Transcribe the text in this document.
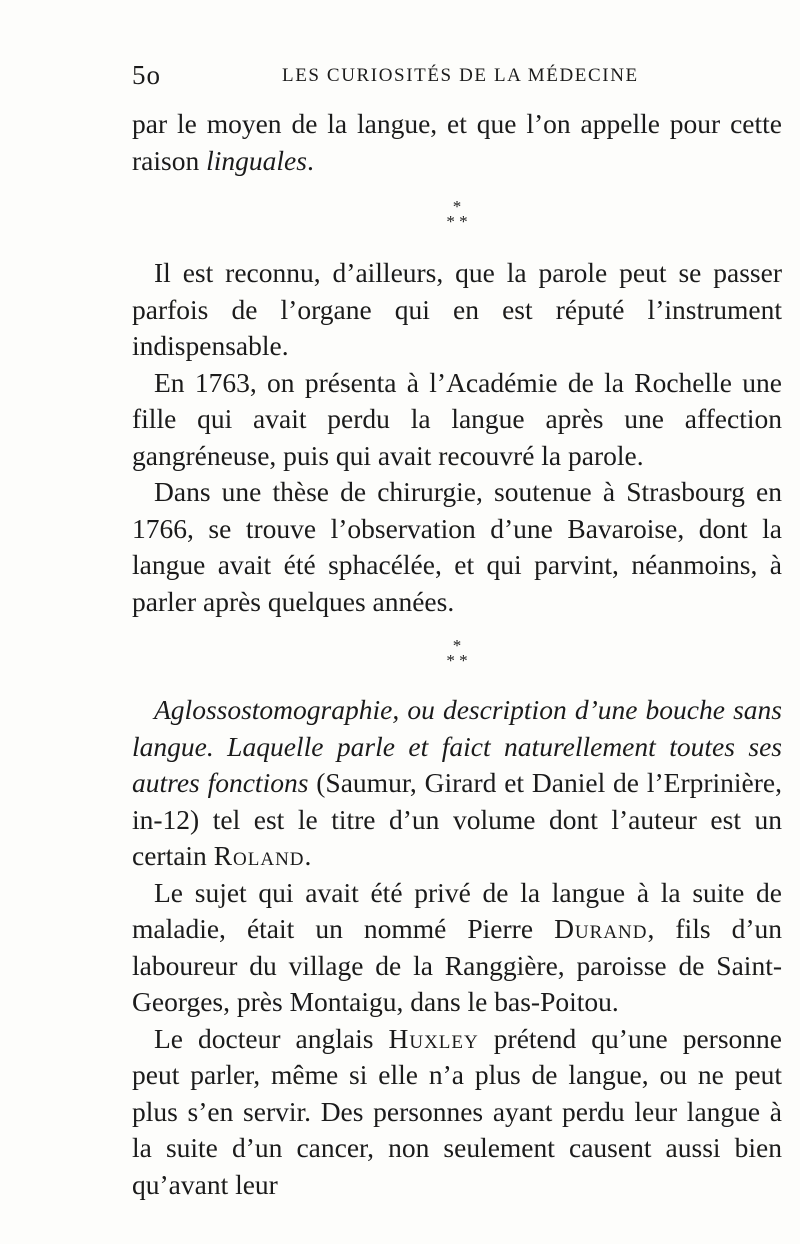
5o	LES CURIOSITÉS DE LA MÉDECINE

par le moyen de la langue, et que l’on appelle pour cette raison linguales.

*
* *

Il est reconnu, d’ailleurs, que la parole peut se passer parfois de l’organe qui en est réputé l’instrument indispensable.

En 1763, on présenta à l’Académie de la Rochelle une fille qui avait perdu la langue après une affection gangréneuse, puis qui avait recouvré la parole.

Dans une thèse de chirurgie, soutenue à Strasbourg en 1766, se trouve l’observation d’une Bavaroise, dont la langue avait été sphacélée, et qui parvint, néanmoins, à parler après quelques années.

*
* *

Aglossostomographie, ou description d’une bouche sans langue. Laquelle parle et faict naturellement toutes ses autres fonctions (Saumur, Girard et Daniel de l’Erprinière, in-12) tel est le titre d’un volume dont l’auteur est un certain Roland.

Le sujet qui avait été privé de la langue à la suite de maladie, était un nommé Pierre Durand, fils d’un laboureur du village de la Ranggière, paroisse de Saint-Georges, près Montaigu, dans le bas-Poitou.

Le docteur anglais Huxley prétend qu’une personne peut parler, même si elle n’a plus de langue, ou ne peut plus s’en servir. Des personnes ayant perdu leur langue à la suite d’un cancer, non seulement causent aussi bien qu’avant leur
